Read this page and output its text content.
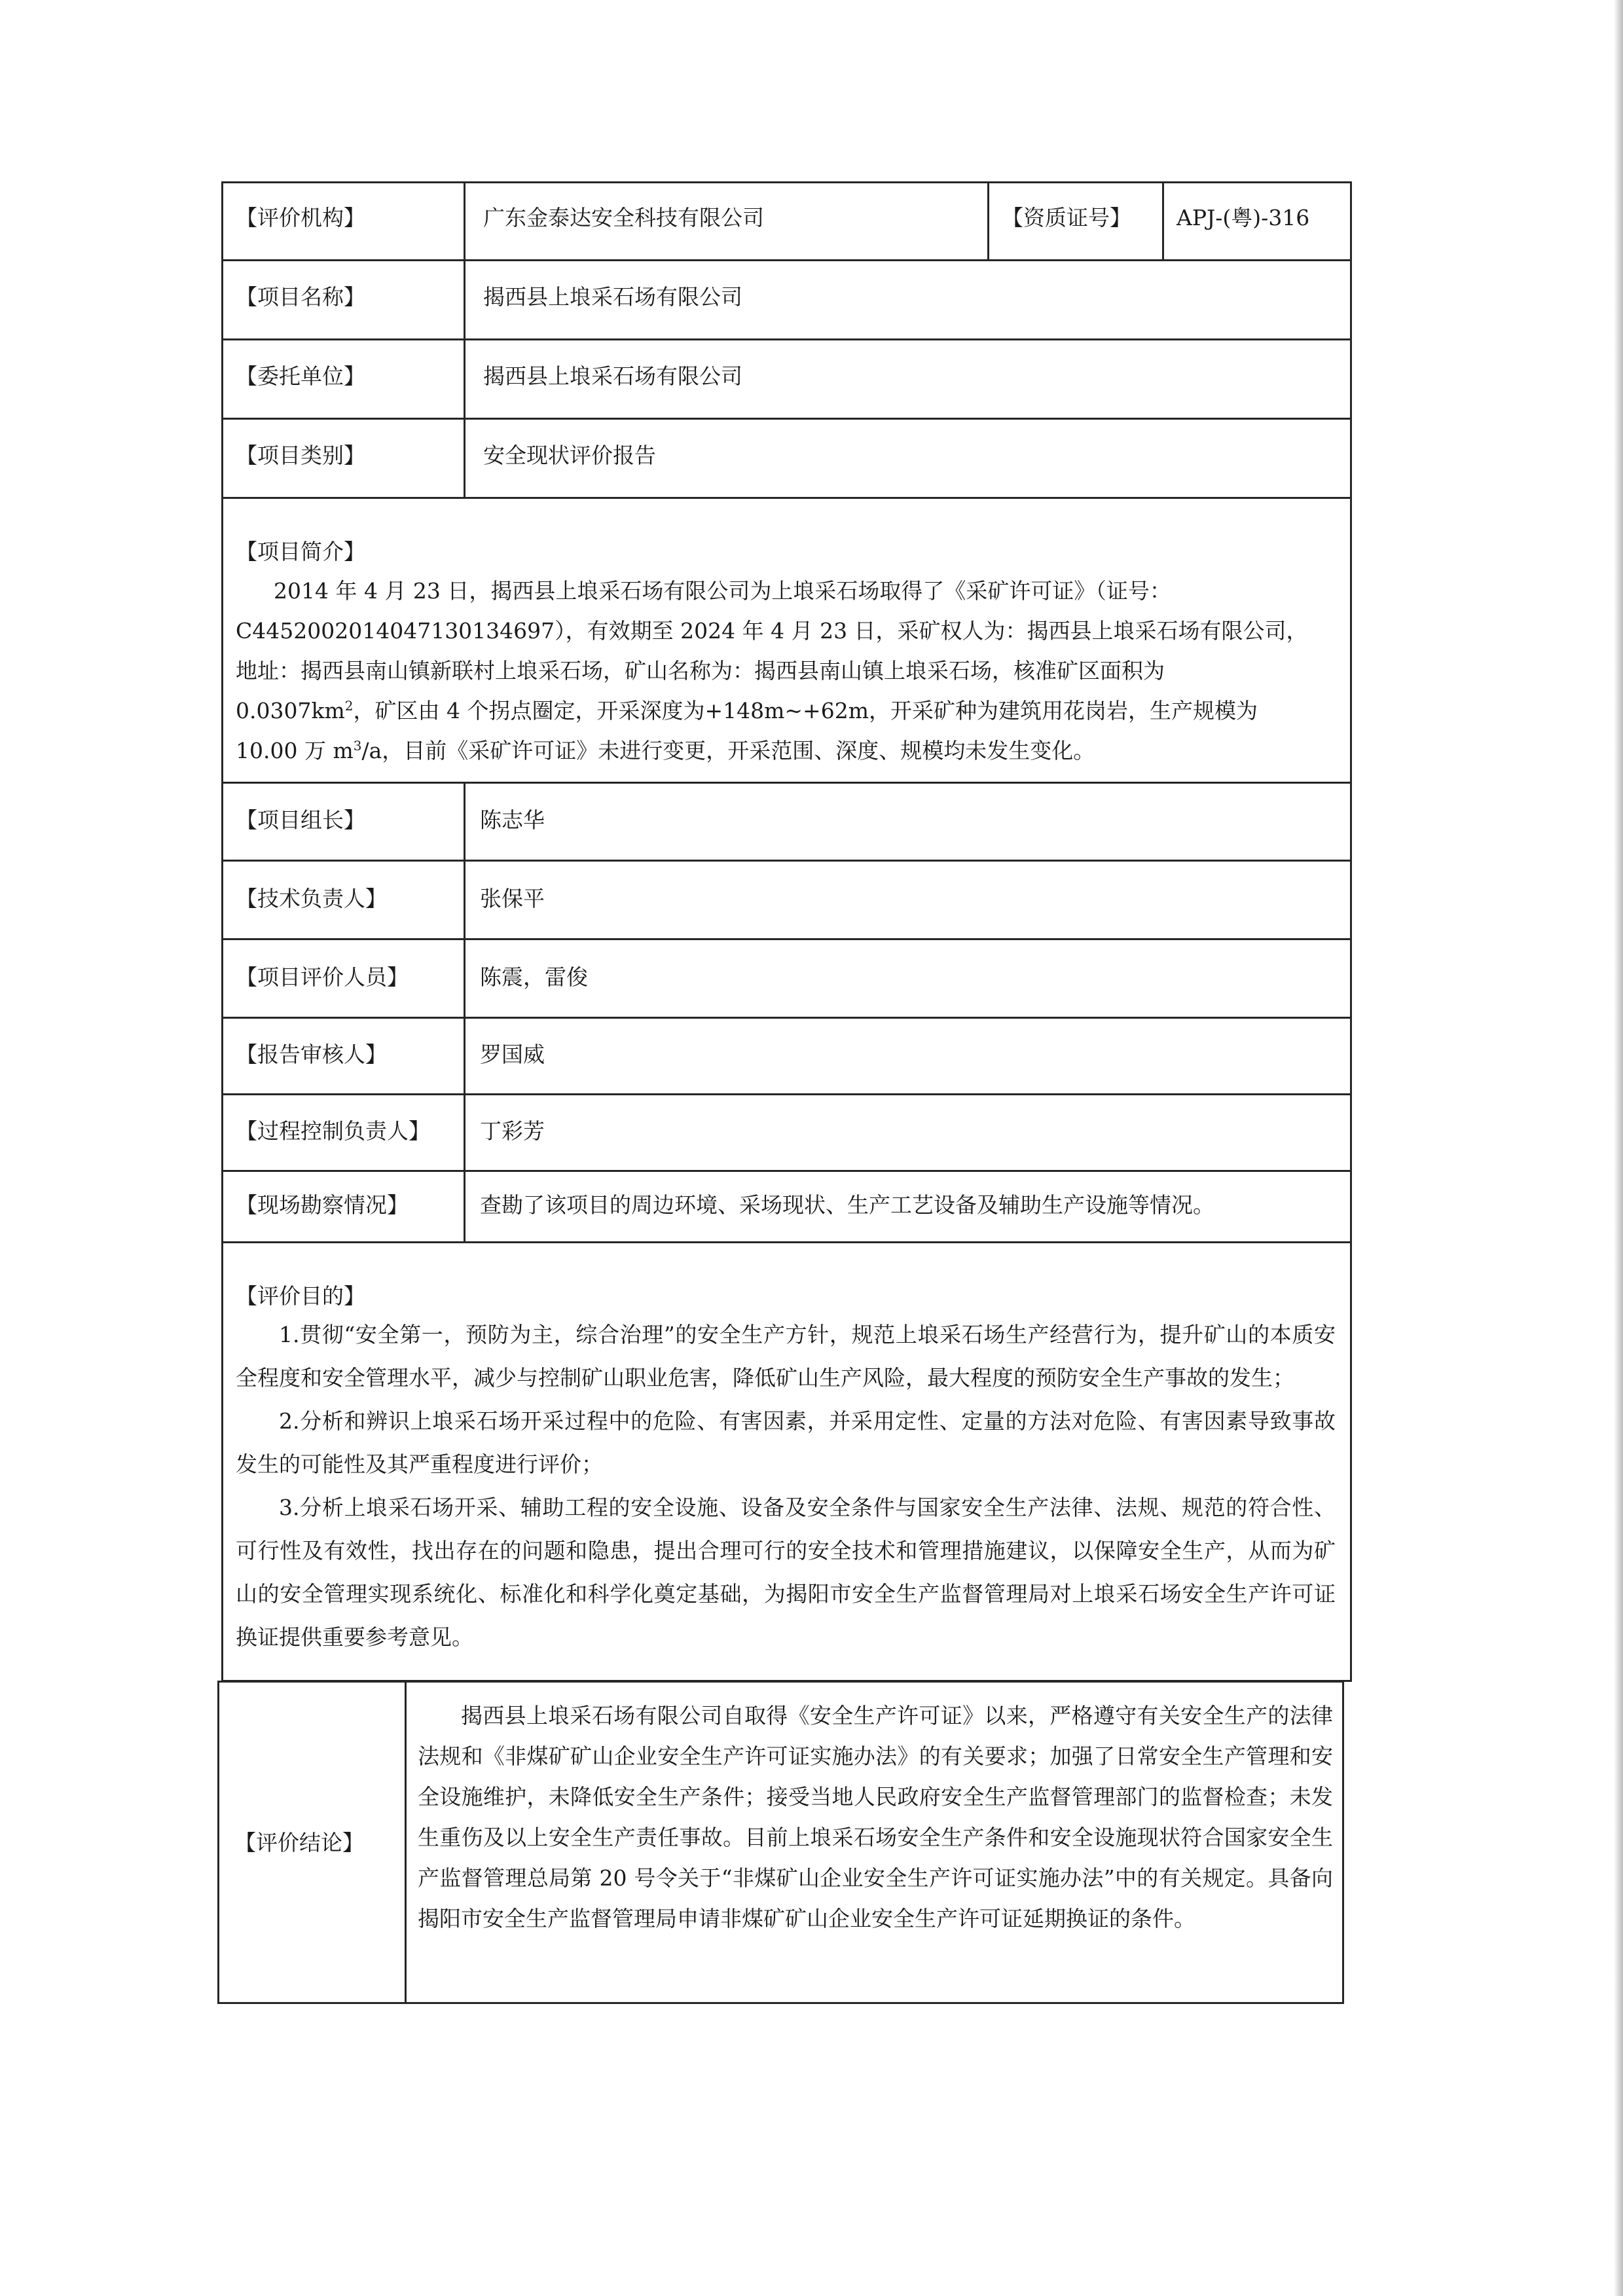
【评价机构】	广东金泰达安全科技有限公司	【资质证号】 APJ-(粤)-316
【项目名称】	揭西县上埌采石场有限公司
【委托单位】	揭西县上埌采石场有限公司
【项目类别】	安全现状评价报告
【项目简介】
2014 年 4 月 23 日，揭西县上埌采石场有限公司为上埌采石场取得了《采矿许可证》（证号：
C4452002014047130134697），有效期至 2024 年 4 月 23 日，采矿权人为：揭西县上埌采石场有限公司，
地址：揭西县南山镇新联村上埌采石场，矿山名称为：揭西县南山镇上埌采石场，核准矿区面积为
$0.0307km^2$，矿区由 4 个拐点圈定，开采深度为+148m~+62m，开采矿种为建筑用花岗岩，生产规模为
10.00 万 $m^3/a$，目前《采矿许可证》未进行变更，开采范围、深度、规模均未发生变化。
【项目组长】	陈志华
【技术负责人】	张保平
【项目评价人员】	陈震，雷俊
【报告审核人】	罗国威
【过程控制负责人】 丁彩芳
【现场勘察情况】	查勘了该项目的周边环境、采场现状、生产工艺设备及辅助生产设施等情况。
【评价目的】

1.贯彻“安全第一，预防为主，综合治理”的安全生产方针，规范上埌采石场生产经营行为，提升矿山的本质安全程度和安全管理水平，减少与控制矿山职业危害，降低矿山生产风险，最大程度的预防安全生产事故的发生；

2.分析和辨识上埌采石场开采过程中的危险、有害因素，并采用定性、定量的方法对危险、有害因素导致事故发生的可能性及其严重程度进行评价；

3.分析上埌采石场开采、辅助工程的安全设施、设备及安全条件与国家安全生产法律、法规、规范的符合性、可行性及有效性，找出存在的问题和隐患，提出合理可行的安全技术和管理措施建议，以保障安全生产，从而为矿山的安全管理实现系统化、标准化和科学化奠定基础，为揭阳市安全生产监督管理局对上埌采石场安全生产许可证换证提供重要参考意见。

【评价结论】
揭西县上埌采石场有限公司自取得《安全生产许可证》以来，严格遵守有关安全生产的法律法规和《非煤矿矿山企业安全生产许可证实施办法》的有关要求；加强了日常安全生产管理和安全设施维护，未降低安全生产条件；接受当地人民政府安全生产监督管理部门的监督检查；未发生重伤及以上安全生产责任事故。目前上埌采石场安全生产条件和安全设施现状符合国家安全生产监督管理总局第 20 号令关于“非煤矿山企业安全生产许可证实施办法”中的有关规定。具备向揭阳市安全生产监督管理局申请非煤矿矿山企业安全生产许可证延期换证的条件。
